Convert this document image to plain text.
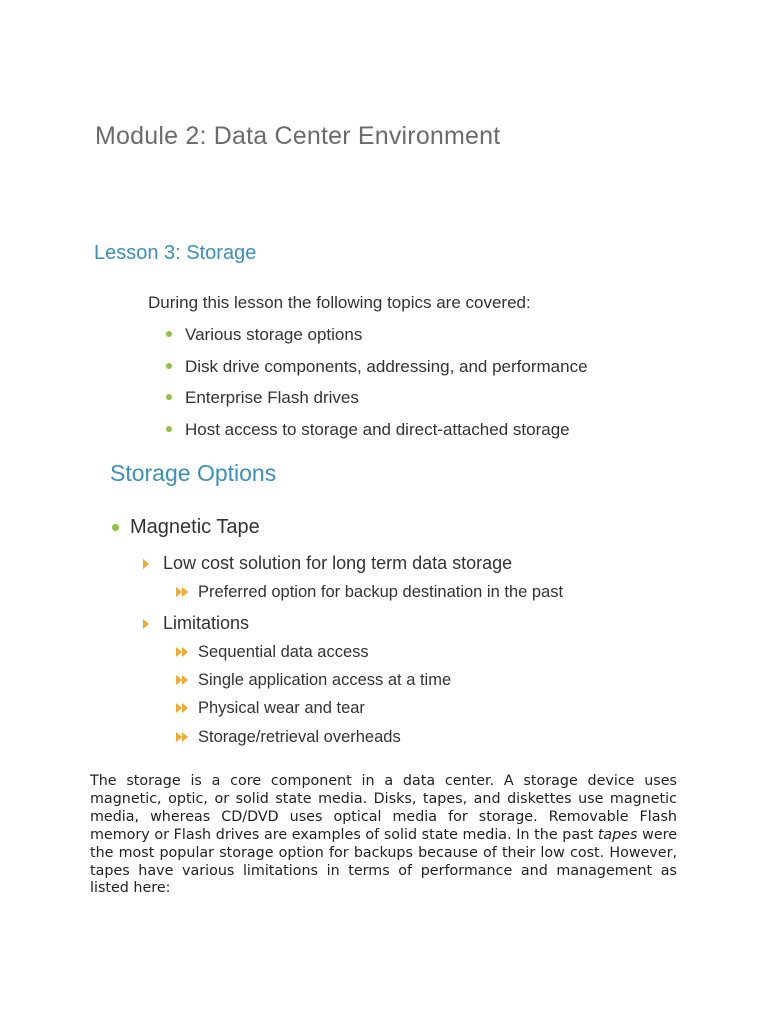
Module 2: Data Center Environment
Lesson 3: Storage
During this lesson the following topics are covered:
Various storage options
Disk drive components, addressing, and performance
Enterprise Flash drives
Host access to storage and direct-attached storage
Storage Options
Magnetic Tape
Low cost solution for long term data storage
Preferred option for backup destination in the past
Limitations
Sequential data access
Single application access at a time
Physical wear and tear
Storage/retrieval overheads

The storage is a core component in a data center. A storage device uses magnetic, optic, or solid state media. Disks, tapes, and diskettes use magnetic media, whereas CD/DVD uses optical media for storage. Removable Flash memory or Flash drives are examples of solid state media. In the past tapes were the most popular storage option for backups because of their low cost. However, tapes have various limitations in terms of performance and management as listed here:
